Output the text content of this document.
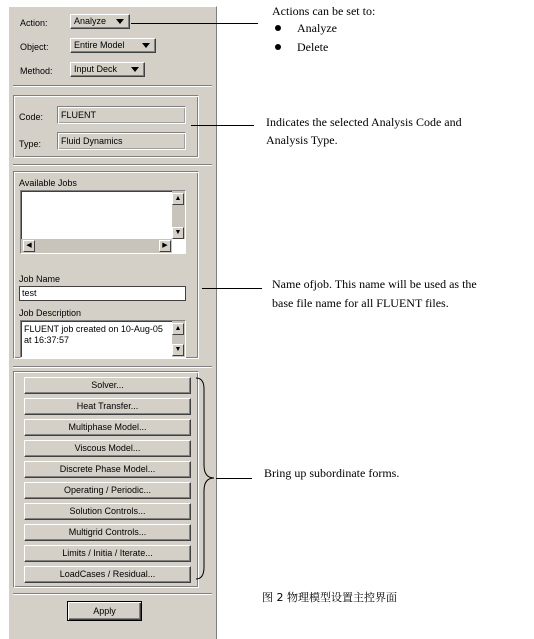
Action:	Analyze
Object:	Entire Model
Method:	Input Deck
Code:	FLUENT
Type:	Fluid Dynamics
Available Jobs
▲
▼
◀	▶
Job Name
test
Job Description
FLUENT job created on 10-Aug-05
at 16:37:57
▲
▼
Solver...
Heat Transfer...
Multiphase Model...
Viscous Model...
Discrete Phase Model...
Operating / Periodic...
Solution Controls...
Multigrid Controls...
Limits / Initia / Iterate...
LoadCases / Residual...
Apply
Actions can be set to:
Analyze
Delete
Indicates the selected Analysis Code and
Analysis Type.
Name ofjob. This name will be used as the
base file name for all FLUENT files.
Bring up subordinate forms.
图 2 物理模型设置主控界面
